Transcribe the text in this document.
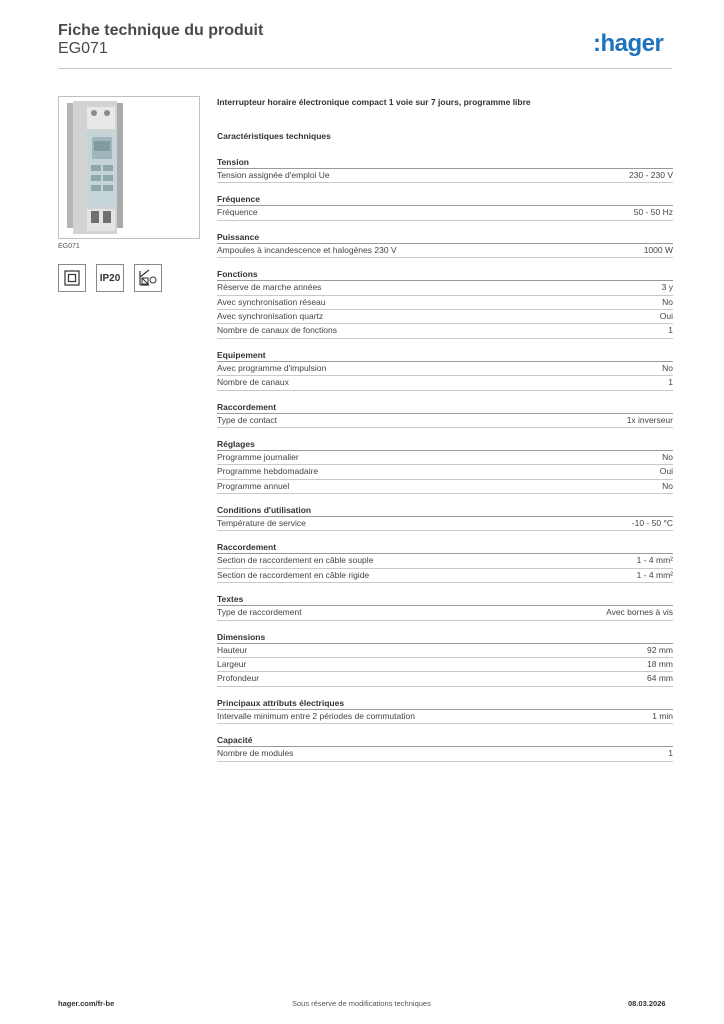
Fiche technique du produit
EG071	:hager
EG071
IP20
Interrupteur horaire électronique compact 1 voie sur 7 jours, programme libre
Caractéristiques techniques
Tension
Tension assignée d'emploi Ue	230 - 230 V
Fréquence
Fréquence	50 - 50 Hz
Puissance
Ampoules à incandescence et halogènes 230 V	1000 W
Fonctions
Réserve de marche années	3 y
Avec synchronisation réseau	No
Avec synchronisation quartz	Oui
Nombre de canaux de fonctions	1
Equipement
Avec programme d'impulsion	No
Nombre de canaux	1
Raccordement
Type de contact	1x inverseur
Réglages
Programme journalier	No
Programme hebdomadaire	Oui
Programme annuel	No
Conditions d'utilisation
Température de service	-10 - 50 °C
Raccordement
Section de raccordement en câble souple	1 - 4 mm²
Section de raccordement en câble rigide	1 - 4 mm²
Textes
Type de raccordement	Avec bornes à vis
Dimensions
Hauteur	92 mm
Largeur	18 mm
Profondeur	64 mm
Principaux attributs électriques
Intervalle minimum entre 2 périodes de commutation	1 min
Capacité
Nombre de modules	1
hager.com/fr-be	Sous réserve de modifications techniques	08.03.2026
